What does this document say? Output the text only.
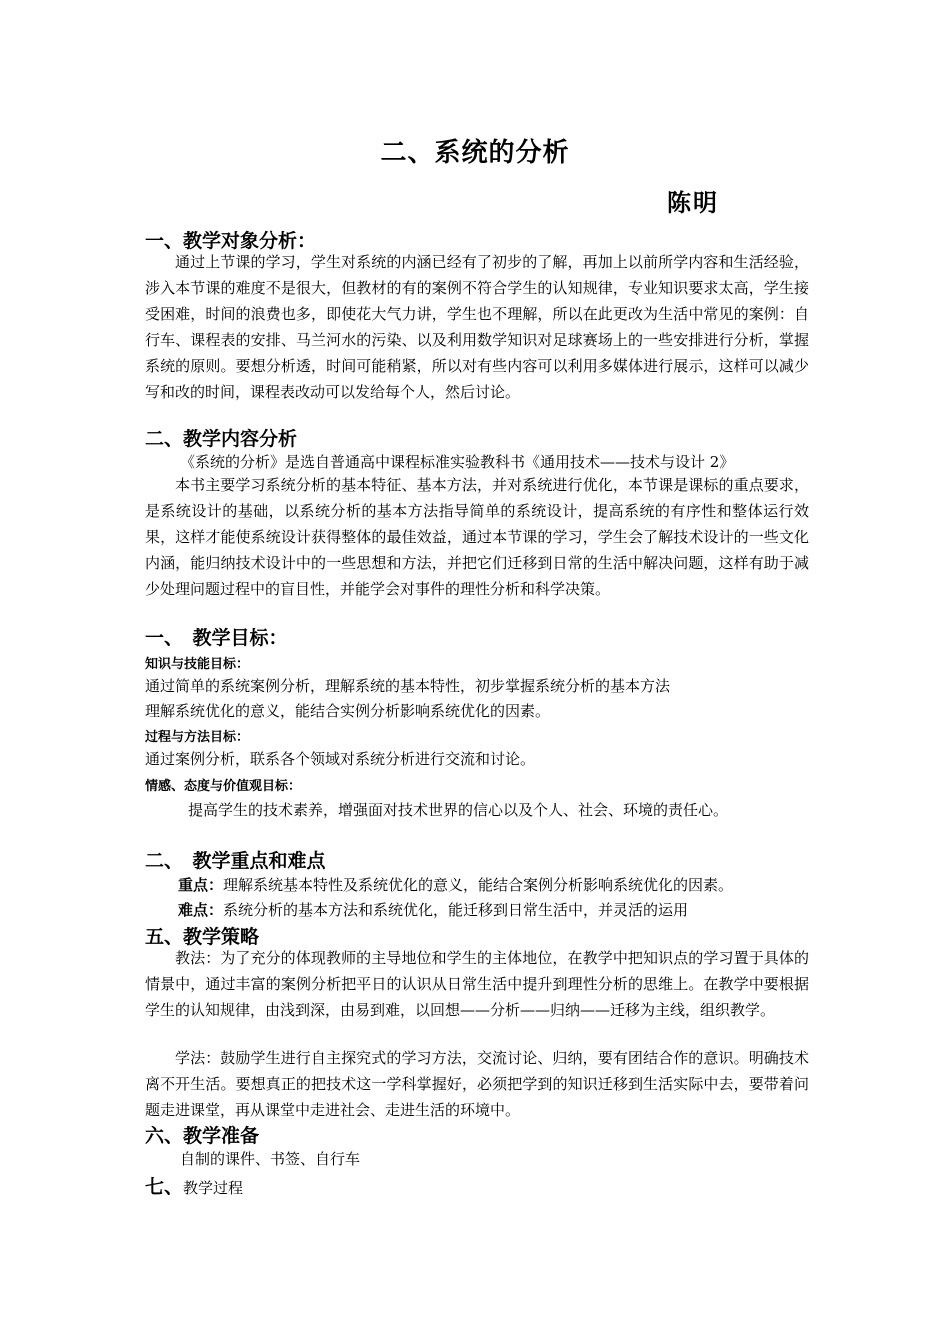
二、系统的分析
陈明
一、教学对象分析：

通过上节课的学习，学生对系统的内涵已经有了初步的了解，再加上以前所学内容和生活经验，涉入本节课的难度不是很大，但教材的有的案例不符合学生的认知规律，专业知识要求太高，学生接受困难，时间的浪费也多，即使花大气力讲，学生也不理解，所以在此更改为生活中常见的案例：自行车、课程表的安排、马兰河水的污染、以及利用数学知识对足球赛场上的一些安排进行分析，掌握系统的原则。要想分析透，时间可能稍紧，所以对有些内容可以利用多媒体进行展示，这样可以减少写和改的时间，课程表改动可以发给每个人，然后讨论。

二、教学内容分析
《系统的分析》是选自普通高中课程标准实验教科书《通用技术——技术与设计 2》

本书主要学习系统分析的基本特征、基本方法，并对系统进行优化，本节课是课标的重点要求，是系统设计的基础，以系统分析的基本方法指导简单的系统设计，提高系统的有序性和整体运行效果，这样才能使系统设计获得整体的最佳效益，通过本节课的学习，学生会了解技术设计的一些文化内涵，能归纳技术设计中的一些思想和方法，并把它们迁移到日常的生活中解决问题，这样有助于减少处理问题过程中的盲目性，并能学会对事件的理性分析和科学决策。

一、　教学目标：
知识与技能目标：
通过简单的系统案例分析，理解系统的基本特性，初步掌握系统分析的基本方法
理解系统优化的意义，能结合实例分析影响系统优化的因素。
过程与方法目标：
通过案例分析，联系各个领域对系统分析进行交流和讨论。
情感、态度与价值观目标：
提高学生的技术素养，增强面对技术世界的信心以及个人、社会、环境的责任心。
二、　教学重点和难点
重点：理解系统基本特性及系统优化的意义，能结合案例分析影响系统优化的因素。
难点：系统分析的基本方法和系统优化，能迁移到日常生活中，并灵活的运用
五、教学策略

教法：为了充分的体现教师的主导地位和学生的主体地位，在教学中把知识点的学习置于具体的情景中，通过丰富的案例分析把平日的认识从日常生活中提升到理性分析的思维上。在教学中要根据学生的认知规律，由浅到深，由易到难，以回想——分析——归纳——迁移为主线，组织教学。

学法：鼓励学生进行自主探究式的学习方法，交流讨论、归纳，要有团结合作的意识。明确技术离不开生活。要想真正的把技术这一学科掌握好，必须把学到的知识迁移到生活实际中去，要带着问题走进课堂，再从课堂中走进社会、走进生活的环境中。

六、教学准备
自制的课件、书签、自行车
七、教学过程
